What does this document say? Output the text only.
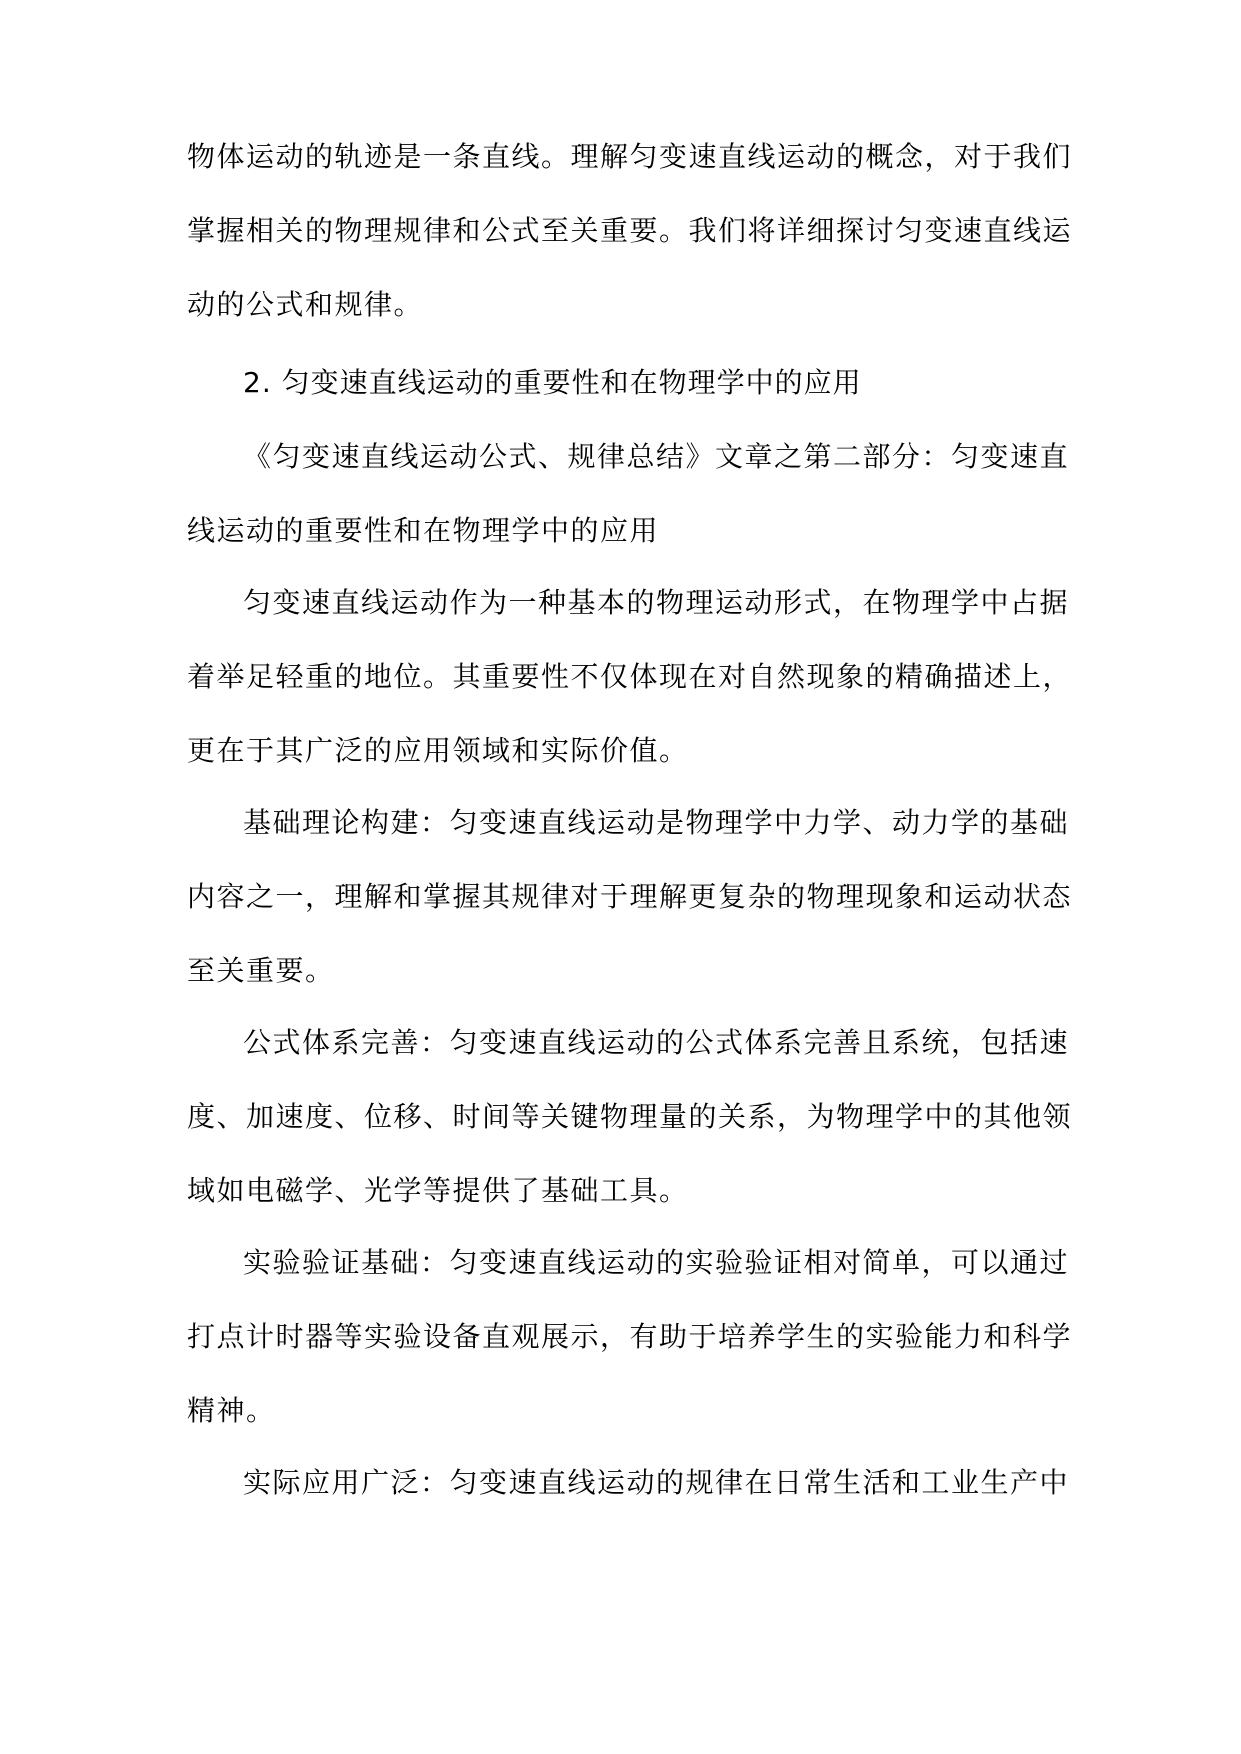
物体运动的轨迹是一条直线。理解匀变速直线运动的概念，对于我们
掌握相关的物理规律和公式至关重要。我们将详细探讨匀变速直线运
动的公式和规律。
2. 匀变速直线运动的重要性和在物理学中的应用
《匀变速直线运动公式、规律总结》文章之第二部分：匀变速直
线运动的重要性和在物理学中的应用
匀变速直线运动作为一种基本的物理运动形式，在物理学中占据
着举足轻重的地位。其重要性不仅体现在对自然现象的精确描述上，
更在于其广泛的应用领域和实际价值。
基础理论构建：匀变速直线运动是物理学中力学、动力学的基础
内容之一，理解和掌握其规律对于理解更复杂的物理现象和运动状态
至关重要。
公式体系完善：匀变速直线运动的公式体系完善且系统，包括速
度、加速度、位移、时间等关键物理量的关系，为物理学中的其他领
域如电磁学、光学等提供了基础工具。
实验验证基础：匀变速直线运动的实验验证相对简单，可以通过
打点计时器等实验设备直观展示，有助于培养学生的实验能力和科学
精神。
实际应用广泛：匀变速直线运动的规律在日常生活和工业生产中
